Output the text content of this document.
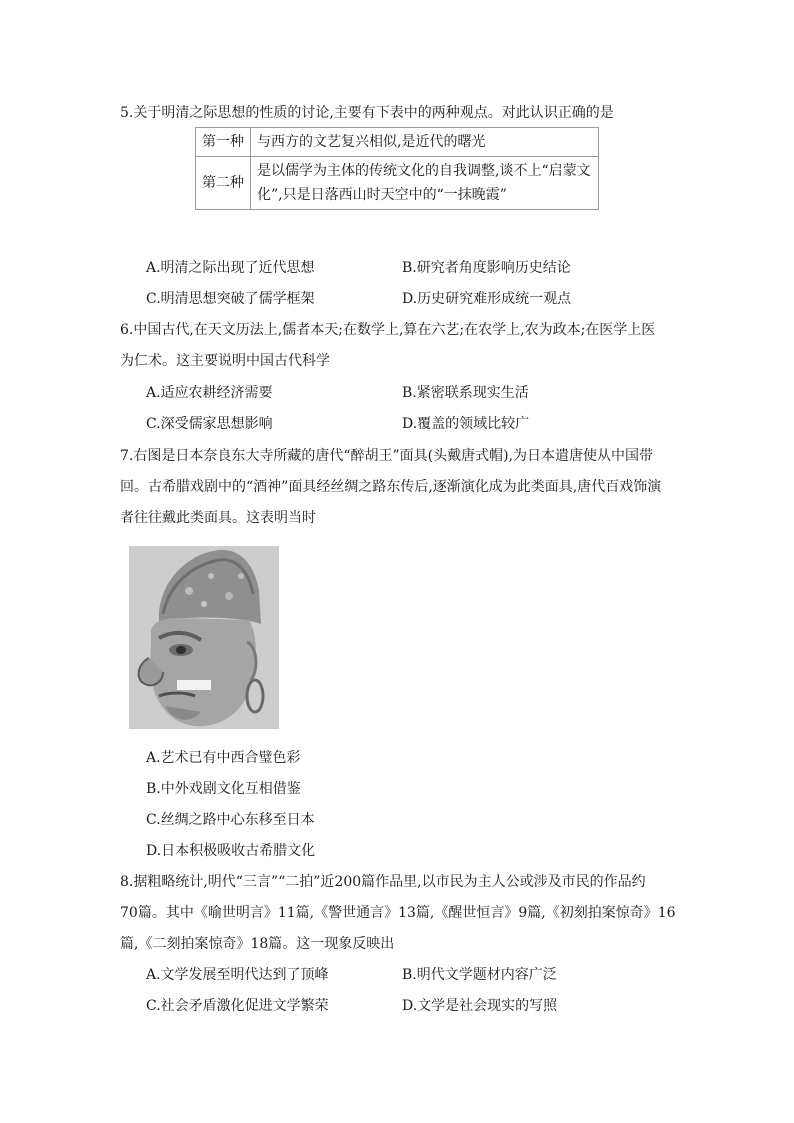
5.关于明清之际思想的性质的讨论,主要有下表中的两种观点。对此认识正确的是
第一种	与西方的文艺复兴相似,是近代的曙光
第二种	是以儒学为主体的传统文化的自我调整,谈不上“启蒙文化”,只是日落西山时天空中的“一抹晚霞”
A.明清之际出现了近代思想	B.研究者角度影响历史结论
C.明清思想突破了儒学框架	D.历史研究难形成统一观点
6.中国古代,在天文历法上,儒者本天;在数学上,算在六艺;在农学上,农为政本;在医学上医
为仁术。这主要说明中国古代科学
A.适应农耕经济需要	B.紧密联系现实生活
C.深受儒家思想影响	D.覆盖的领域比较广
7.右图是日本奈良东大寺所藏的唐代“醉胡王”面具(头戴唐式帽),为日本遣唐使从中国带
回。古希腊戏剧中的“酒神”面具经丝绸之路东传后,逐渐演化成为此类面具,唐代百戏饰演
者往往戴此类面具。这表明当时
A.艺术已有中西合璧色彩
B.中外戏剧文化互相借鉴
C.丝绸之路中心东移至日本
D.日本积极吸收古希腊文化
8.据粗略统计,明代“三言”“二拍”近200篇作品里,以市民为主人公或涉及市民的作品约
70篇。其中《喻世明言》11篇,《警世通言》13篇,《醒世恒言》9篇,《初刻拍案惊奇》16
篇,《二刻拍案惊奇》18篇。这一现象反映出
A.文学发展至明代达到了顶峰	B.明代文学题材内容广泛
C.社会矛盾激化促进文学繁荣	D.文学是社会现实的写照
